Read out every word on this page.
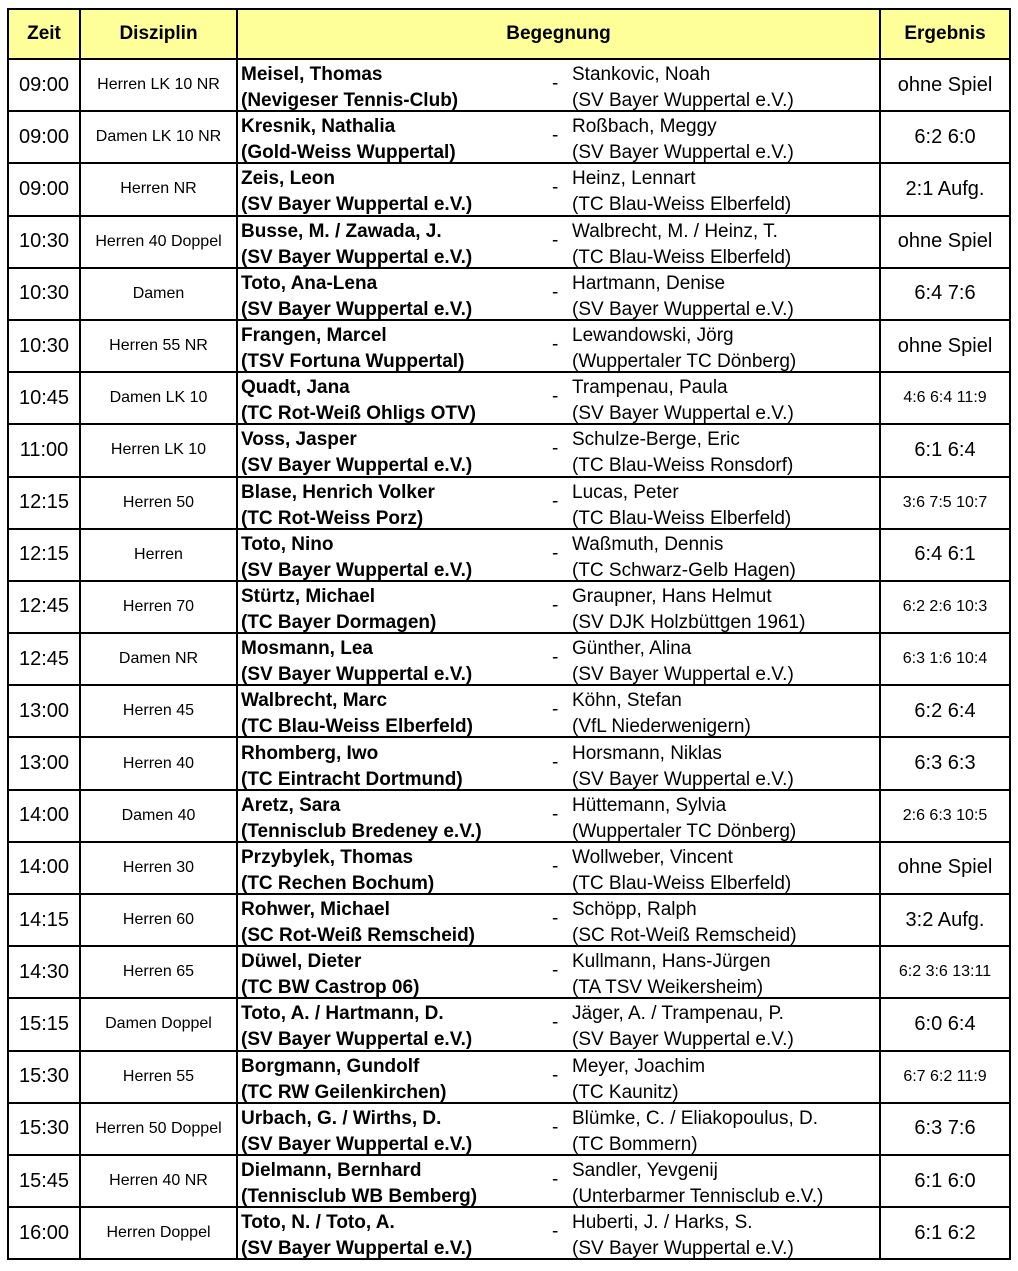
Zeit	Disziplin	Begegnung	Ergebnis
09:00	Herren LK 10 NR	Meisel, Thomas
(Nevigeser Tennis-Club)
- Stankovic, Noah
(SV Bayer Wuppertal e.V.)	ohne Spiel
09:00	Damen LK 10 NR	Kresnik, Nathalia
(Gold-Weiss Wuppertal)
- Roßbach, Meggy
(SV Bayer Wuppertal e.V.)	6:2 6:0
09:00	Herren NR	Zeis, Leon
(SV Bayer Wuppertal e.V.)
- Heinz, Lennart
(TC Blau-Weiss Elberfeld)	2:1 Aufg.
10:30	Herren 40 Doppel	Busse, M. / Zawada, J.
(SV Bayer Wuppertal e.V.)
- Walbrecht, M. / Heinz, T.
(TC Blau-Weiss Elberfeld)	ohne Spiel
10:30	Damen	Toto, Ana-Lena
(SV Bayer Wuppertal e.V.)
- Hartmann, Denise
(SV Bayer Wuppertal e.V.)	6:4 7:6
10:30	Herren 55 NR	Frangen, Marcel
(TSV Fortuna Wuppertal)
- Lewandowski, Jörg
(Wuppertaler TC Dönberg)	ohne Spiel
10:45	Damen LK 10	Quadt, Jana
(TC Rot-Weiß Ohligs OTV)
- Trampenau, Paula
(SV Bayer Wuppertal e.V.)	4:6 6:4 11:9
11:00	Herren LK 10	Voss, Jasper
(SV Bayer Wuppertal e.V.)
- Schulze-Berge, Eric
(TC Blau-Weiss Ronsdorf)	6:1 6:4
12:15	Herren 50	Blase, Henrich Volker
(TC Rot-Weiss Porz)
- Lucas, Peter
(TC Blau-Weiss Elberfeld)	3:6 7:5 10:7
12:15	Herren	Toto, Nino
(SV Bayer Wuppertal e.V.)
- Waßmuth, Dennis
(TC Schwarz-Gelb Hagen)	6:4 6:1
12:45	Herren 70	Stürtz, Michael
(TC Bayer Dormagen)
- Graupner, Hans Helmut
(SV DJK Holzbüttgen 1961)	6:2 2:6 10:3
12:45	Damen NR	Mosmann, Lea
(SV Bayer Wuppertal e.V.)
- Günther, Alina
(SV Bayer Wuppertal e.V.)	6:3 1:6 10:4
13:00	Herren 45	Walbrecht, Marc
(TC Blau-Weiss Elberfeld)
- Köhn, Stefan
(VfL Niederwenigern)	6:2 6:4
13:00	Herren 40	Rhomberg, Iwo
(TC Eintracht Dortmund)
- Horsmann, Niklas
(SV Bayer Wuppertal e.V.)	6:3 6:3
14:00	Damen 40	Aretz, Sara
(Tennisclub Bredeney e.V.)
- Hüttemann, Sylvia
(Wuppertaler TC Dönberg)	2:6 6:3 10:5
14:00	Herren 30	Przybylek, Thomas
(TC Rechen Bochum)
- Wollweber, Vincent
(TC Blau-Weiss Elberfeld)	ohne Spiel
14:15	Herren 60	Rohwer, Michael
(SC Rot-Weiß Remscheid)
- Schöpp, Ralph
(SC Rot-Weiß Remscheid)	3:2 Aufg.
14:30	Herren 65	Düwel, Dieter
(TC BW Castrop 06)
- Kullmann, Hans-Jürgen
(TA TSV Weikersheim)	6:2 3:6 13:11
15:15	Damen Doppel	Toto, A. / Hartmann, D.
(SV Bayer Wuppertal e.V.)
- Jäger, A. / Trampenau, P.
(SV Bayer Wuppertal e.V.)	6:0 6:4
15:30	Herren 55	Borgmann, Gundolf
(TC RW Geilenkirchen)
- Meyer, Joachim
(TC Kaunitz)	6:7 6:2 11:9
15:30	Herren 50 Doppel	Urbach, G. / Wirths, D.
(SV Bayer Wuppertal e.V.)
- Blümke, C. / Eliakopoulus, D.
(TC Bommern)	6:3 7:6
15:45	Herren 40 NR	Dielmann, Bernhard
(Tennisclub WB Bemberg)
- Sandler, Yevgenij
(Unterbarmer Tennisclub e.V.)	6:1 6:0
16:00	Herren Doppel	Toto, N. / Toto, A.
(SV Bayer Wuppertal e.V.)
- Huberti, J. / Harks, S.
(SV Bayer Wuppertal e.V.)	6:1 6:2
